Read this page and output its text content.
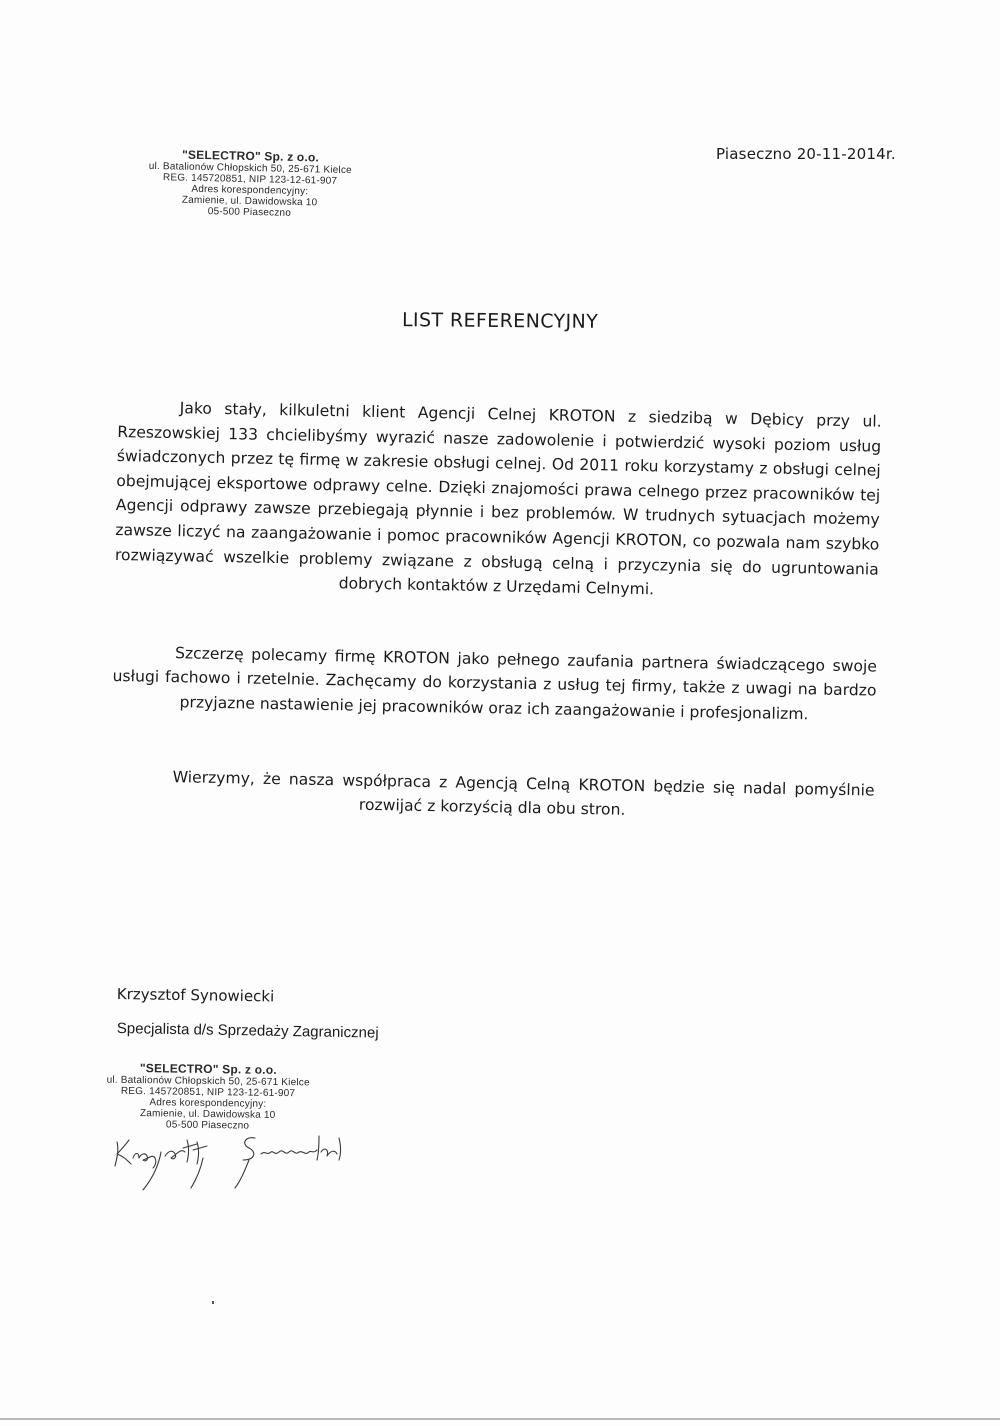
"SELECTRO" Sp. z o.o.
ul. Batalionów Chłopskich 50, 25-671 Kielce
REG. 145720851, NIP 123-12-61-907
Adres korespondencyjny:
Zamienie, ul. Dawidowska 10
05-500 Piaseczno
Piaseczno 20-11-2014r.
LIST REFERENCYJNY

Jako stały, kilkuletni klient Agencji Celnej KROTON z siedzibą w Dębicy przy ul. Rzeszowskiej 133 chcielibyśmy wyrazić nasze zadowolenie i potwierdzić wysoki poziom usług świadczonych przez tę firmę w zakresie obsługi celnej. Od 2011 roku korzystamy z obsługi celnej obejmującej eksportowe odprawy celne. Dzięki znajomości prawa celnego przez pracowników tej Agencji odprawy zawsze przebiegają płynnie i bez problemów. W trudnych sytuacjach możemy zawsze liczyć na zaangażowanie i pomoc pracowników Agencji KROTON, co pozwala nam szybko rozwiązywać wszelkie problemy związane z obsługą celną i przyczynia się do ugruntowania dobrych kontaktów z Urzędami Celnymi.

Szczerzę polecamy firmę KROTON jako pełnego zaufania partnera świadczącego swoje usługi fachowo i rzetelnie. Zachęcamy do korzystania z usług tej firmy, także z uwagi na bardzo przyjazne nastawienie jej pracowników oraz ich zaangażowanie i profesjonalizm.

Wierzymy, że nasza współpraca z Agencją Celną KROTON będzie się nadal pomyślnie rozwijać z korzyścią dla obu stron.

Krzysztof Synowiecki
Specjalista d/s Sprzedaży Zagranicznej
"SELECTRO" Sp. z o.o.
ul. Batalionów Chłopskich 50, 25-671 Kielce
REG. 145720851, NIP 123-12-61-907
Adres korespondencyjny:
Zamienie, ul. Dawidowska 10
05-500 Piaseczno
